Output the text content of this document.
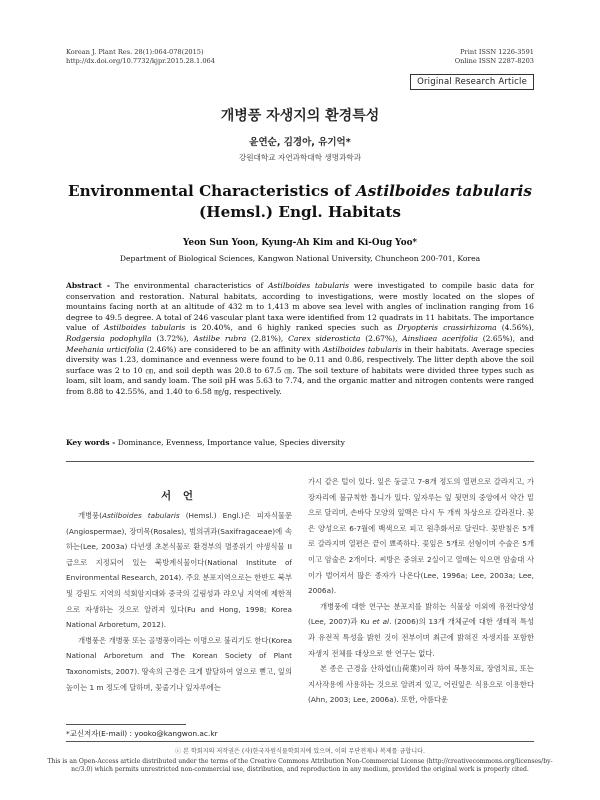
Korean J. Plant Res. 28(1):064-078(2015)
http://dx.doi.org/10.7732/kjpr.2015.28.1.064
Print ISSN 1226-3591
Online ISSN 2287-8203
Original Research Article
개병풍 자생지의 환경특성
윤연순, 김경아, 유기억*
강원대학교 자연과학대학 생명과학과
Environmental Characteristics of Astilboides tabularis (Hemsl.) Engl. Habitats
Yeon Sun Yoon, Kyung-Ah Kim and Ki-Oug Yoo*
Department of Biological Sciences, Kangwon National University, Chuncheon 200-701, Korea
Abstract - The environmental characteristics of Astilboides tabularis were investigated to compile basic data for conservation and restoration. Natural habitats, according to investigations, were mostly located on the slopes of mountains facing north at an altitude of 432 m to 1,413 m above sea level with angles of inclination ranging from 16 degree to 49.5 degree. A total of 246 vascular plant taxa were identified from 12 quadrats in 11 habitats. The importance value of Astilboides tabularis is 20.40%, and 6 highly ranked species such as Dryopteris crassirhizoma (4.56%), Rodgersia podophylla (3.72%), Astilbe rubra (2.81%), Carex siderosticta (2.67%), Ainsliaea acerifolia (2.65%), and Meehania urticifolia (2.46%) are considered to be an affinity with Astilboides tabularis in their habitats. Average species diversity was 1.23, dominance and evenness were found to be 0.11 and 0.86, respectively. The litter depth above the soil surface was 2 to 10 ㎝, and soil depth was 20.8 to 67.5 ㎝. The soil texture of habitats were divided three types such as loam, silt loam, and sandy loam. The soil pH was 5.63 to 7.74, and the organic matter and nitrogen contents were ranged from 8.88 to 42.55%, and 1.40 to 6.58 ㎎/g, respectively.
Key words - Dominance, Evenness, Importance value, Species diversity
서 언

개병풍(Astilboides tabularis (Hemsl.) Engl.)은 피자식물문(Angiospermae), 장미목(Rosales), 범의귀과(Saxifragaceae)에 속하는(Lee, 2003a) 다년생 초본식물로 환경부의 멸종위기 야생식물 II급으로 지정되어 있는 북방계식물이다(National Institute of Environmental Research, 2014). 주요 분포지역으로는 한반도 북부 및 강원도 지역의 석회암지대와 중국의 길림성과 랴오닝 지역에 제한적으로 자생하는 것으로 알려져 있다(Fu and Hong, 1998; Korea National Arboretum, 2012).

개병풍은 개병풍 또는 골병풍이라는 이명으로 불리기도 한다(Korea National Arboretum and The Korean Society of Plant Taxonomists, 2007). 땅속의 근경은 크게 발달하여 옆으로 뻗고, 잎의 높이는 1 m 정도에 달하며, 꽃줄기나 잎자루에는

가시 같은 털이 있다. 잎은 둥글고 7-8개 정도의 열편으로 갈라지고, 가장자리에 불규칙한 톱니가 있다. 잎자루는 잎 뒷면의 중앙에서 약간 밑으로 달리며, 손바닥 모양의 잎맥은 다시 두 개씩 차상으로 갈라진다. 꽃은 양성으로 6-7월에 백색으로 피고 원추화서로 달린다. 꽃받침은 5개로 갈라지며 열편은 끝이 뾰족하다. 꽃잎은 5개로 선형이며 수술은 5개이고 암술은 2개이다. 씨방은 중위로 2실이고 열매는 익으면 암술대 사이가 벌어져서 많은 종자가 나온다(Lee, 1996a; Lee, 2003a; Lee, 2006a).

개병풍에 대한 연구는 분포지를 밝히는 식물상 이외에 유전다양성(Lee, 2007)과 Ku et al. (2006)의 13개 개체군에 대한 생태적 특성과 유전적 특성을 밝힌 것이 전부이며 최근에 밝혀진 자생지를 포함한 자생지 전체를 대상으로 한 연구는 없다.

본 종은 근경을 산하엽(山荷葉)이라 하여 복통치료, 장염치료, 또는 지사작용에 사용하는 것으로 알려져 있고, 어린잎은 식용으로 이용한다(Ahn, 2003; Lee, 2006a). 또한, 아름다운

*교신저자(E-mail) : yooko@kangwon.ac.kr
ⓒ 본 학회지의 저작권은 (사)한국자원식물학회지에 있으며, 이의 무단전재나 복제를 금합니다.
This is an Open-Access article distributed under the terms of the Creative Commons Attribution Non-Commercial License (http://creativecommons.org/licenses/by-nc/3.0) which permits unrestricted non-commercial use, distribution, and reproduction in any medium, provided the original work is properly cited.
